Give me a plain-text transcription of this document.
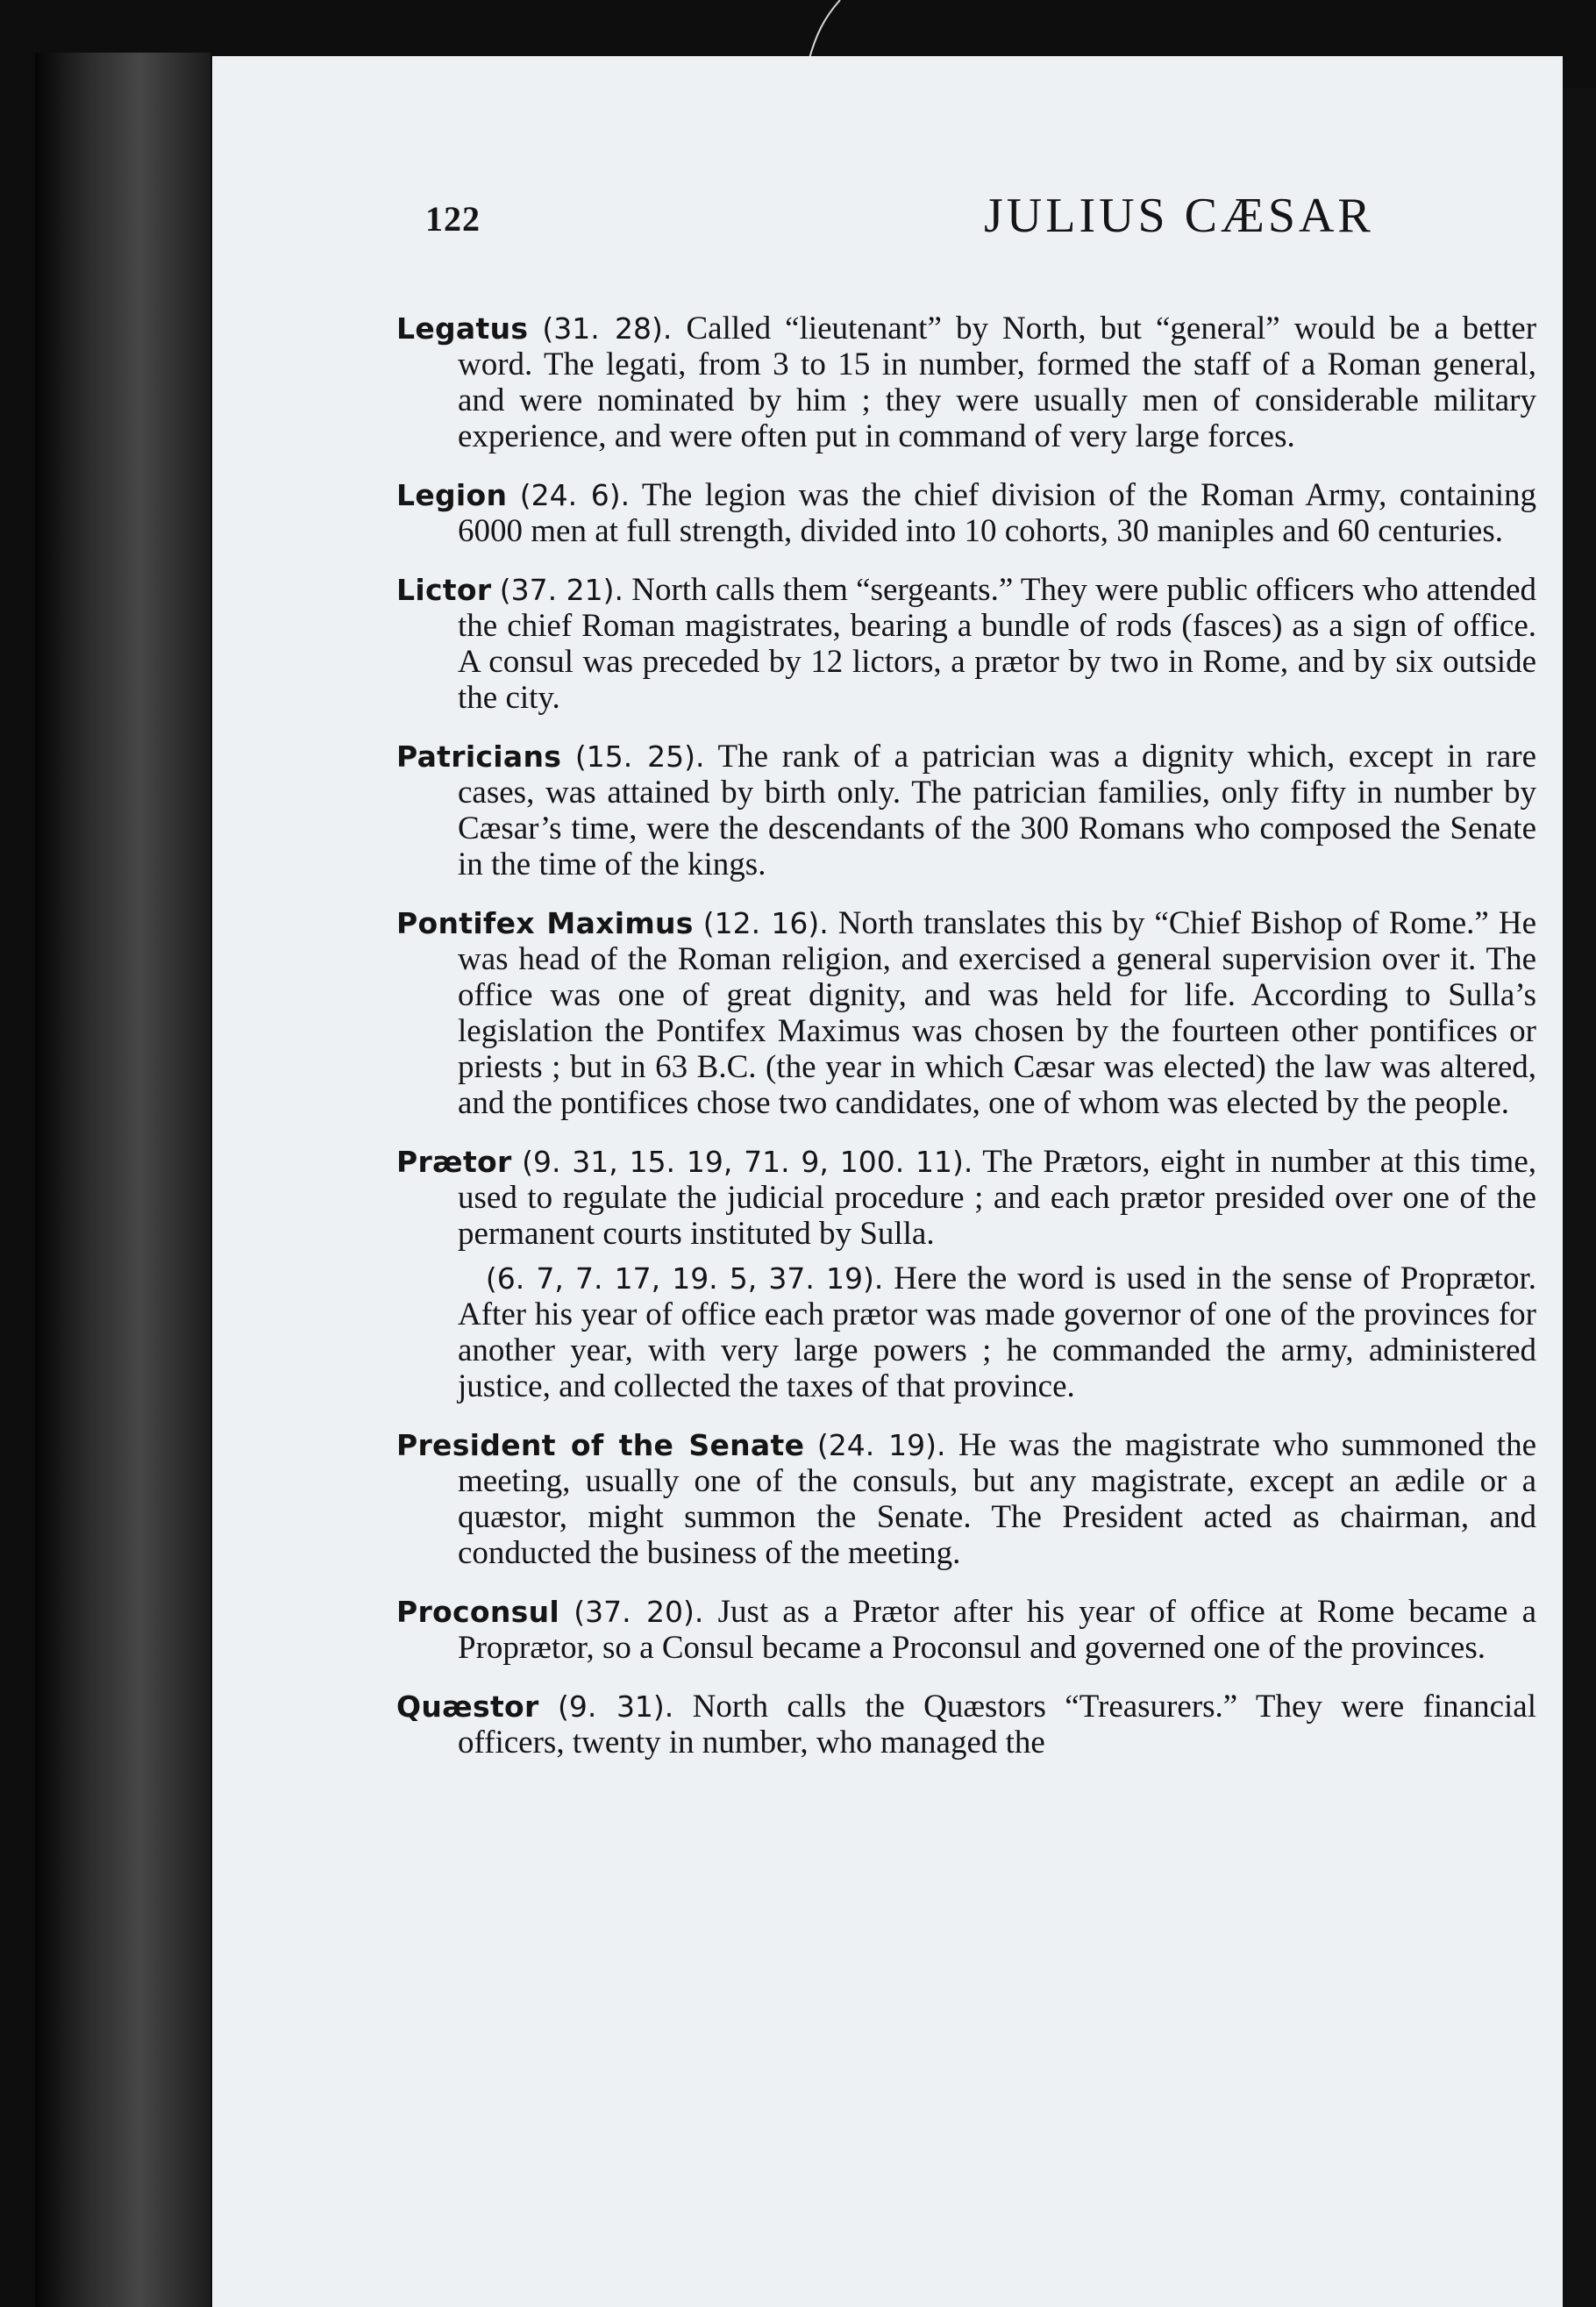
122	JULIUS CÆSAR

Legatus (31. 28). Called “lieutenant” by North, but “general” would be a better word. The legati, from 3 to 15 in number, formed the staff of a Roman general, and were nominated by him ; they were usually men of considerable military experience, and were often put in command of very large forces.

Legion (24. 6). The legion was the chief division of the Roman Army, containing 6000 men at full strength, divided into 10 cohorts, 30 maniples and 60 centuries.

Lictor (37. 21). North calls them “sergeants.” They were public officers who attended the chief Roman magistrates, bearing a bundle of rods (fasces) as a sign of office. A consul was preceded by 12 lictors, a prætor by two in Rome, and by six outside the city.

Patricians (15. 25). The rank of a patrician was a dignity which, except in rare cases, was attained by birth only. The patrician families, only fifty in number by Cæsar’s time, were the descendants of the 300 Romans who composed the Senate in the time of the kings.

Pontifex Maximus (12. 16). North translates this by “Chief Bishop of Rome.” He was head of the Roman religion, and exercised a general supervision over it. The office was one of great dignity, and was held for life. According to Sulla’s legislation the Pontifex Maximus was chosen by the fourteen other pontifices or priests ; but in 63 B.C. (the year in which Cæsar was elected) the law was altered, and the pontifices chose two candidates, one of whom was elected by the people.

Prætor (9. 31, 15. 19, 71. 9, 100. 11). The Prætors, eight in number at this time, used to regulate the judicial procedure ; and each prætor presided over one of the permanent courts instituted by Sulla.

(6. 7, 7. 17, 19. 5, 37. 19). Here the word is used in the sense of Proprætor. After his year of office each prætor was made governor of one of the provinces for another year, with very large powers ; he commanded the army, administered justice, and collected the taxes of that province.

President of the Senate (24. 19). He was the magistrate who summoned the meeting, usually one of the consuls, but any magistrate, except an ædile or a quæstor, might summon the Senate. The President acted as chairman, and conducted the business of the meeting.

Proconsul (37. 20). Just as a Prætor after his year of office at Rome became a Proprætor, so a Consul became a Proconsul and governed one of the provinces.

Quæstor (9. 31). North calls the Quæstors “Treasurers.” They were financial officers, twenty in number, who managed the
